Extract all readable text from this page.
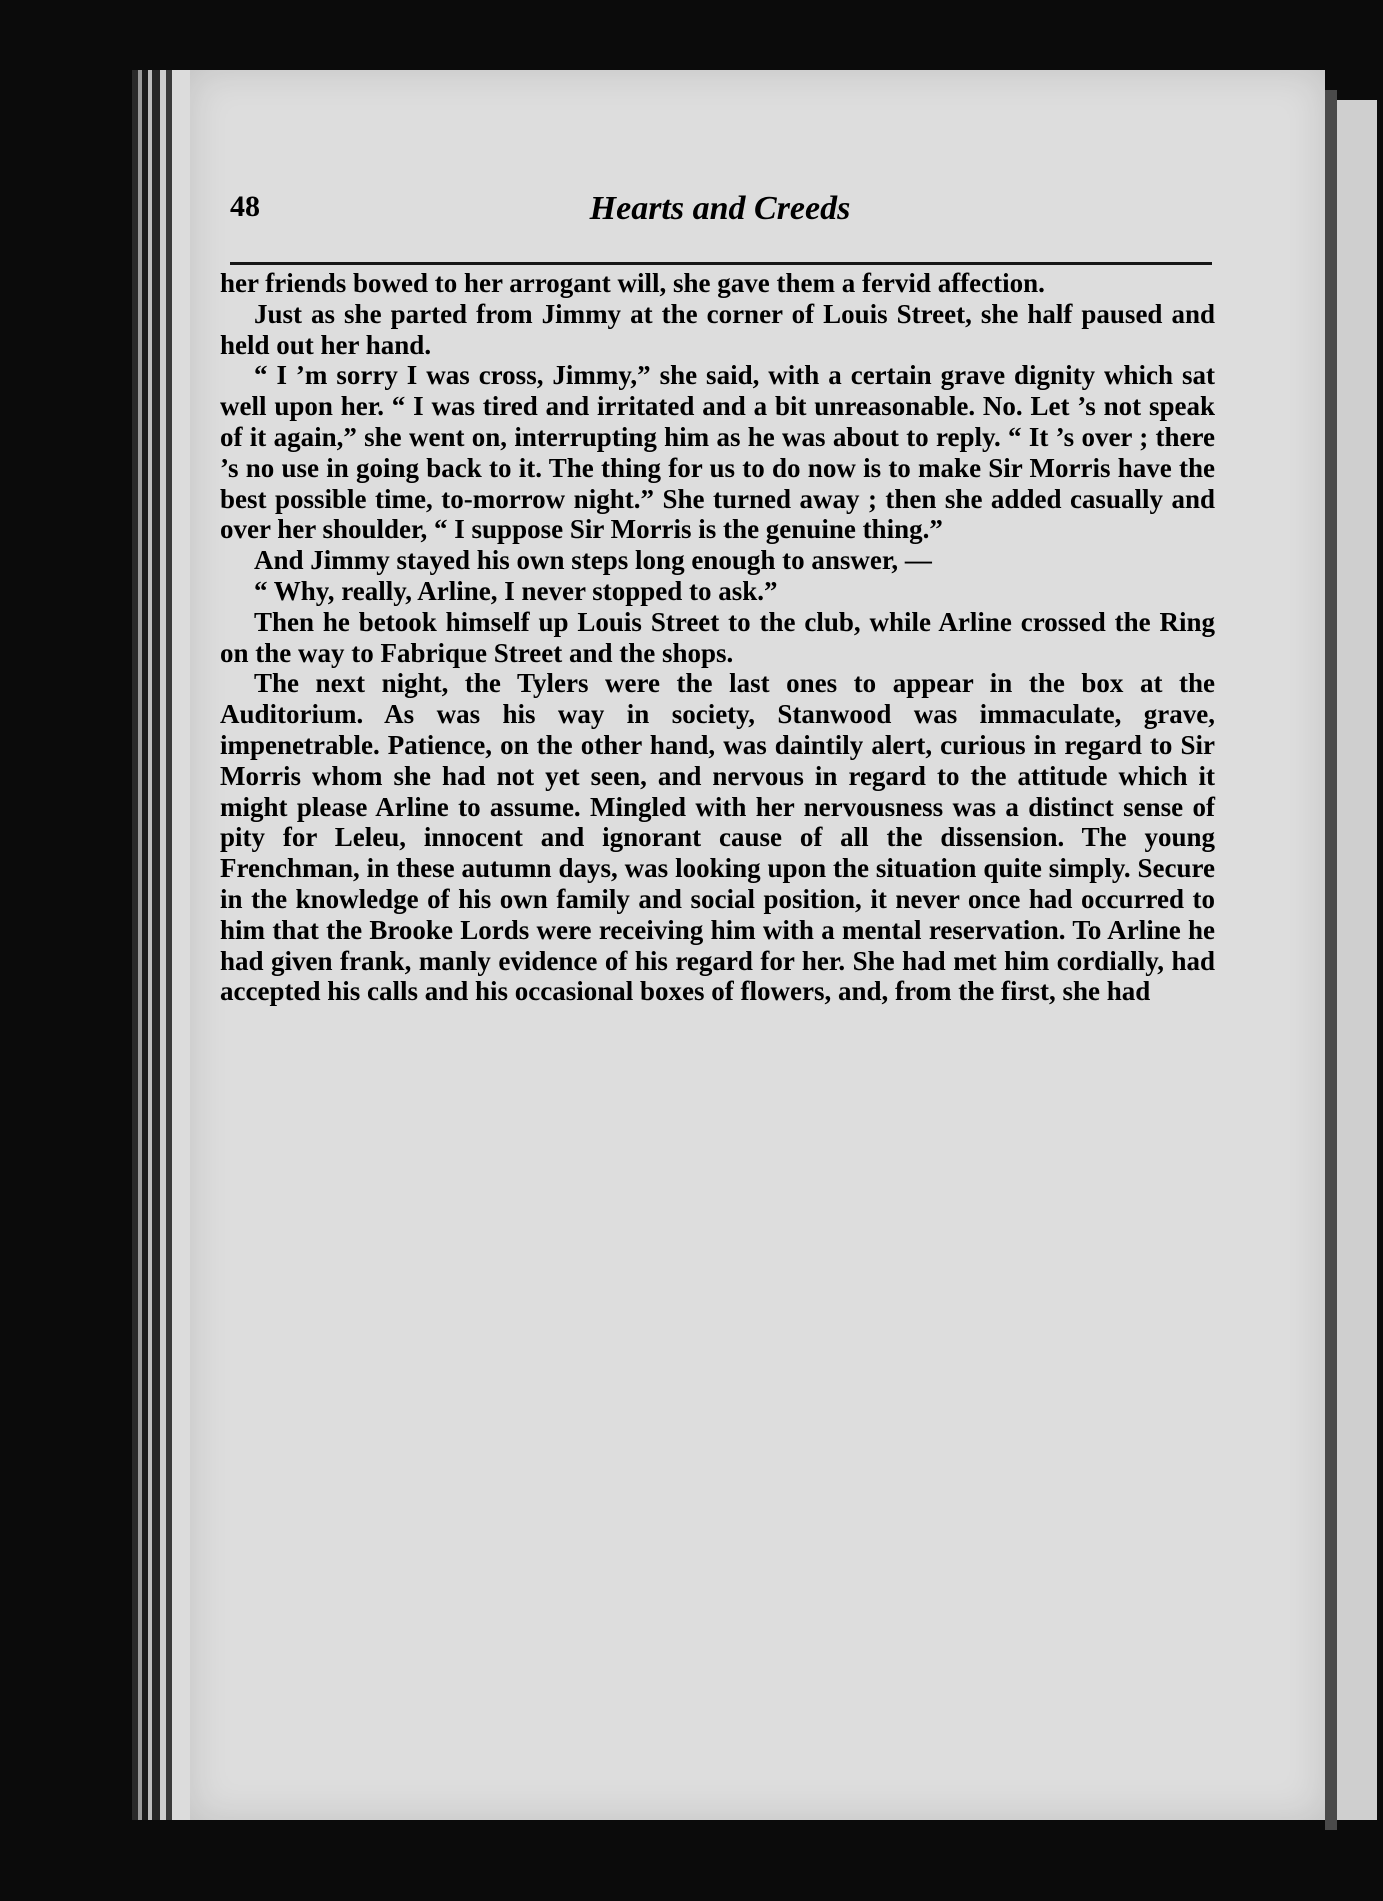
48	Hearts and Creeds

her friends bowed to her arrogant will, she gave them a fervid affection.

Just as she parted from Jimmy at the corner of Louis Street, she half paused and held out her hand.

“ I ’m sorry I was cross, Jimmy,” she said, with a certain grave dignity which sat well upon her. “ I was tired and irritated and a bit unreasonable. No. Let ’s not speak of it again,” she went on, interrupting him as he was about to reply. “ It ’s over ; there ’s no use in going back to it. The thing for us to do now is to make Sir Morris have the best possible time, to-morrow night.” She turned away ; then she added casually and over her shoulder, “ I suppose Sir Morris is the genuine thing.”

And Jimmy stayed his own steps long enough to answer, —

“ Why, really, Arline, I never stopped to ask.”

Then he betook himself up Louis Street to the club, while Arline crossed the Ring on the way to Fabrique Street and the shops.

The next night, the Tylers were the last ones to appear in the box at the Auditorium. As was his way in society, Stanwood was immaculate, grave, impenetrable. Patience, on the other hand, was daintily alert, curious in regard to Sir Morris whom she had not yet seen, and nervous in regard to the attitude which it might please Arline to assume. Mingled with her nervousness was a distinct sense of pity for Leleu, innocent and ignorant cause of all the dissension. The young Frenchman, in these autumn days, was looking upon the situation quite simply. Secure in the knowledge of his own family and social position, it never once had occurred to him that the Brooke Lords were receiving him with a mental reservation. To Arline he had given frank, manly evidence of his regard for her. She had met him cordially, had accepted his calls and his occasional boxes of flowers, and, from the first, she had
